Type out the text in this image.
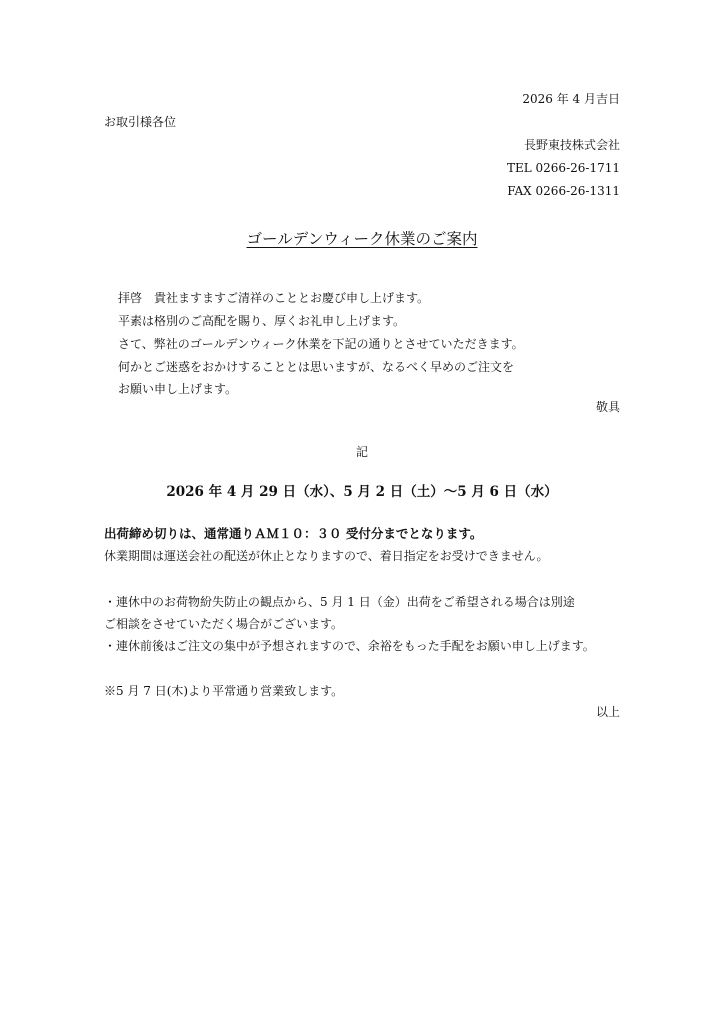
2026 年 4 月吉日
お取引様各位
長野東技株式会社
TEL 0266-26-1711
FAX 0266-26-1311
ゴールデンウィーク休業のご案内
拝啓　貴社ますますご清祥のこととお慶び申し上げます。
平素は格別のご高配を賜り、厚くお礼申し上げます。
さて、弊社のゴールデンウィーク休業を下記の通りとさせていただきます。
何かとご迷惑をおかけすることとは思いますが、なるべく早めのご注文を
お願い申し上げます。
敬具
記
2026 年 4 月 29 日（水）、5 月 2 日（土）～5 月 6 日（水）
出荷締め切りは、通常通りＡＭ１０：３０ 受付分までとなります。
休業期間は運送会社の配送が休止となりますので、着日指定をお受けできません。
・連休中のお荷物紛失防止の観点から、5 月 1 日（金）出荷をご希望される場合は別途
ご相談をさせていただく場合がございます。
・連休前後はご注文の集中が予想されますので、余裕をもった手配をお願い申し上げます。
※5 月 7 日(木)より平常通り営業致します。
以上
